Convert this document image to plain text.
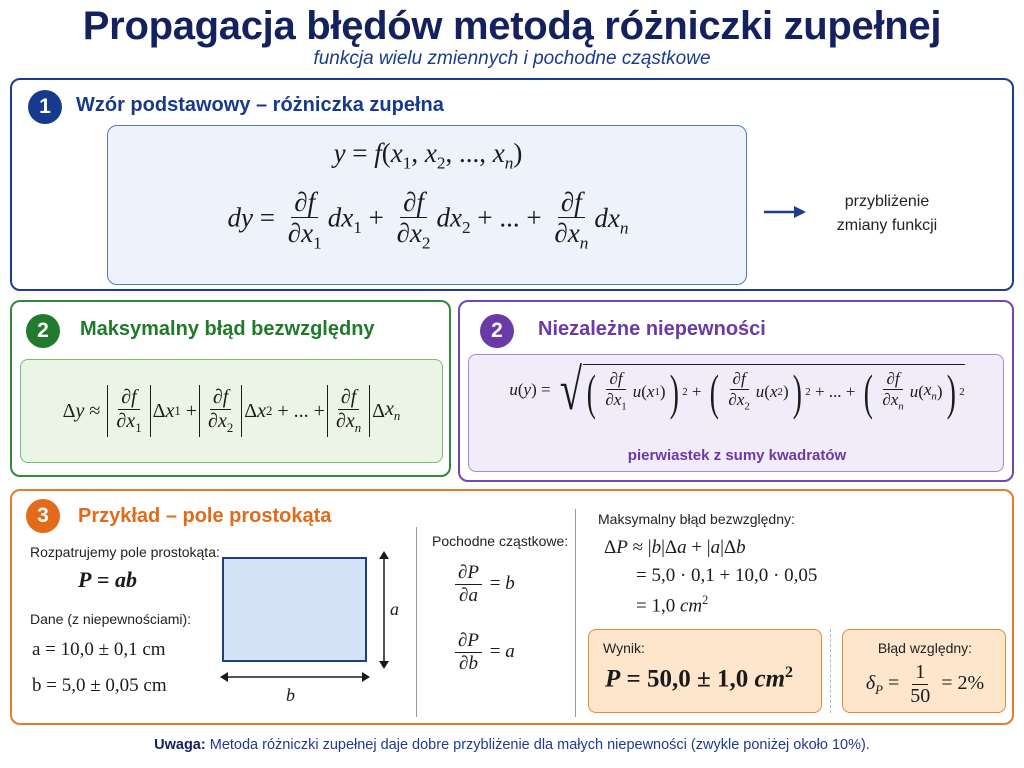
Propagacja błędów metodą różniczki zupełnej
funkcja wielu zmiennych i pochodne cząstkowe
1	Wzór podstawowy – różniczka zupełna
$y = f(x_1$, $x_2$, ..., $x_n$)
dy = $\frac{\partial f}{\partial x_1} dx_1 + \frac{\partial f}{\partial x_2} dx_2$ + ... + $\frac{\partial f}{\partial x_n} dx_n$
przybliżenie
zmiany funkcji
2	Maksymalny błąd bezwzględny
Δ $y \approx \frac{\partial f}{\partial x_1}$ Δ x $1 + \frac{\partial f}{\partial x_2}$ Δ x 2 + ... + $\frac{\partial f}{\partial x_n}$ Δ $x_n$
2	Niezależne niepewności
u ( y ) = √ ( $\frac{\partial f}{\partial x_1}$ u ( x 1 ) ) 2 + ( $\frac{\partial f}{\partial x_2}$ u ( x 2 ) ) 2 + ... + ( $\frac{\partial f}{\partial x_n}$ u ( $x_n$ ) ) 2
pierwiastek z sumy kwadratów
3	Przykład – pole prostokąta
Rozpatrujemy pole prostokąta:
P = ab
Dane (z niepewnościami):
a = 10,0 ± 0,1 cm
b = 5,0 ± 0,05 cm
a
b
Pochodne cząstkowe:
$\frac{\partial P}{\partial a} = b$
$\frac{\partial P}{\partial b} = a$
Maksymalny błąd bezwzględny:
ΔP ≈ |b|Δa + |a|Δb
= 5,0 · 0,1 + 10,0 · 0,05
= 1,0 $cm^2$
Wynik:
P = 50,0 ± 1,0 $cm^2$
Błąd względny:
$\delta_P = \frac{1}{50} = 2\%$
Uwaga: Metoda różniczki zupełnej daje dobre przybliżenie dla małych niepewności (zwykle poniżej około 10%).
